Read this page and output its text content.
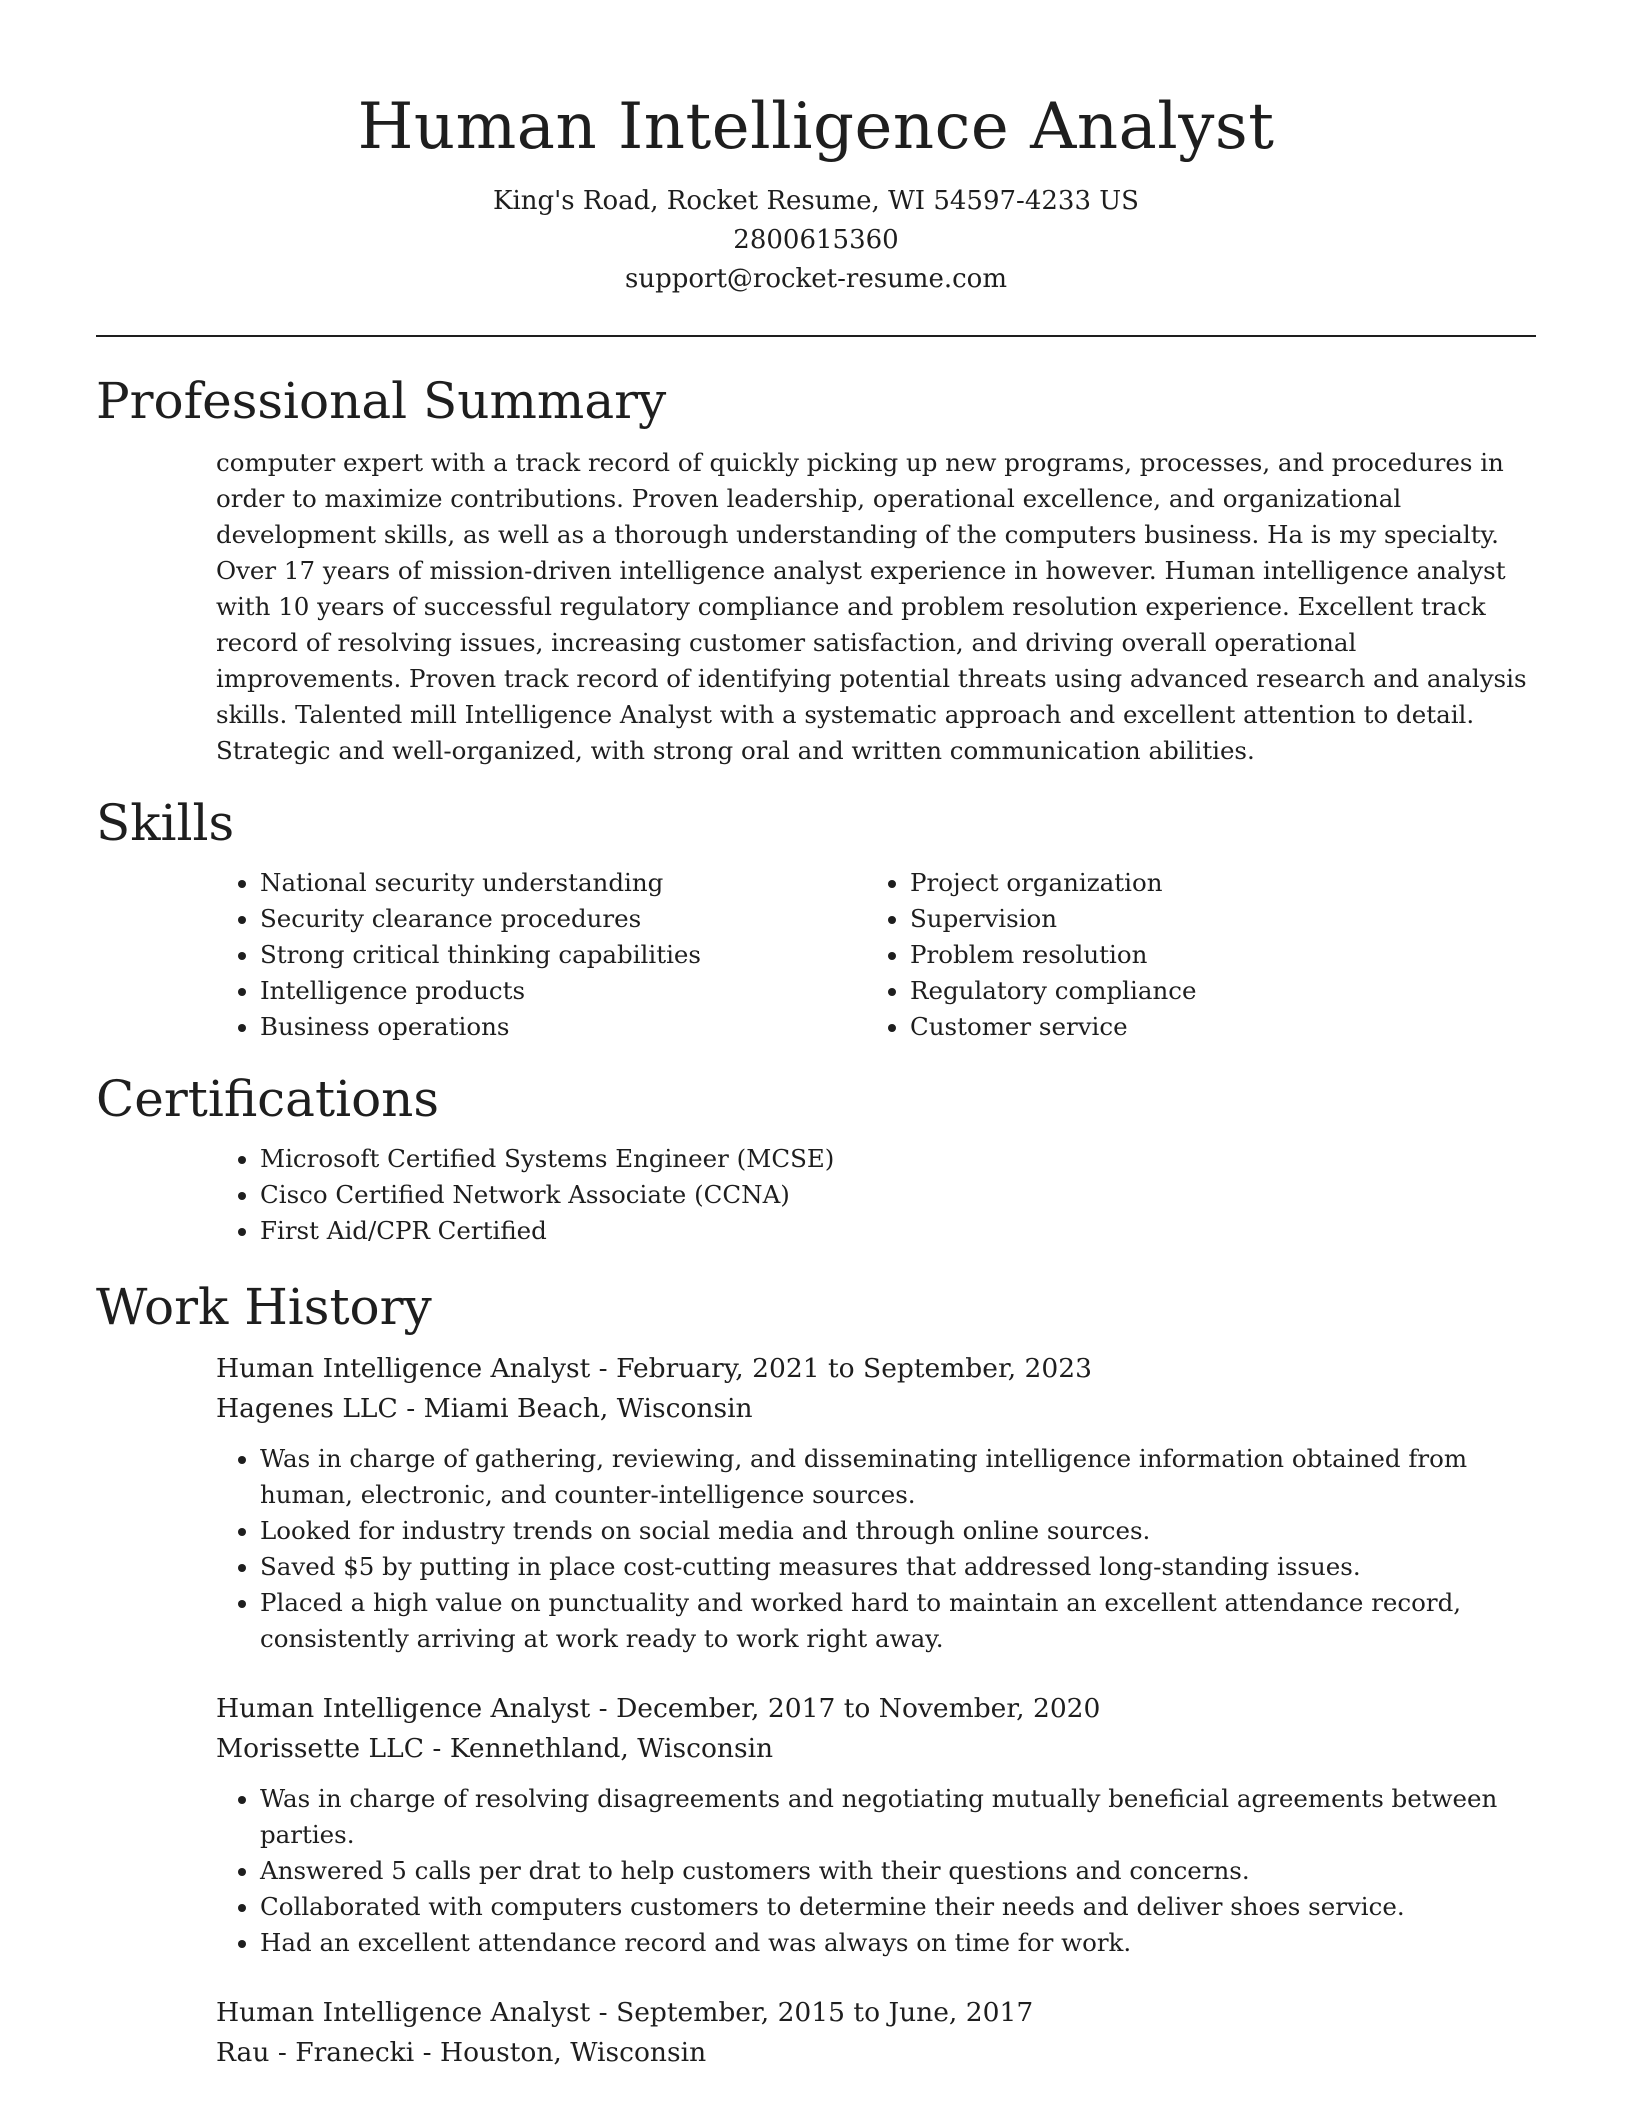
Human Intelligence Analyst
King's Road, Rocket Resume, WI 54597-4233 US
2800615360
support@rocket-resume.com
Professional Summary

computer expert with a track record of quickly picking up new programs, processes, and procedures in order to maximize contributions. Proven leadership, operational excellence, and organizational development skills, as well as a thorough understanding of the computers business. Ha is my specialty. Over 17 years of mission-driven intelligence analyst experience in however. Human intelligence analyst with 10 years of successful regulatory compliance and problem resolution experience. Excellent track record of resolving issues, increasing customer satisfaction, and driving overall operational improvements. Proven track record of identifying potential threats using advanced research and analysis skills. Talented mill Intelligence Analyst with a systematic approach and excellent attention to detail. Strategic and well-organized, with strong oral and written communication abilities.

Skills
• National security understanding
• Security clearance procedures
• Strong critical thinking capabilities
• Intelligence products
• Business operations
• Project organization
• Supervision
• Problem resolution
• Regulatory compliance
• Customer service
Certifications
• Microsoft Certified Systems Engineer (MCSE)
• Cisco Certified Network Associate (CCNA)
• First Aid/CPR Certified
Work History
Human Intelligence Analyst - February, 2021 to September, 2023
Hagenes LLC - Miami Beach, Wisconsin
• Was in charge of gathering, reviewing, and disseminating intelligence information obtained from human, electronic, and counter-intelligence sources.
• Looked for industry trends on social media and through online sources.
• Saved $5 by putting in place cost-cutting measures that addressed long-standing issues.
• Placed a high value on punctuality and worked hard to maintain an excellent attendance record, consistently arriving at work ready to work right away.
Human Intelligence Analyst - December, 2017 to November, 2020
Morissette LLC - Kennethland, Wisconsin
• Was in charge of resolving disagreements and negotiating mutually beneficial agreements between parties.
• Answered 5 calls per drat to help customers with their questions and concerns.
• Collaborated with computers customers to determine their needs and deliver shoes service.
• Had an excellent attendance record and was always on time for work.
Human Intelligence Analyst - September, 2015 to June, 2017
Rau - Franecki - Houston, Wisconsin
